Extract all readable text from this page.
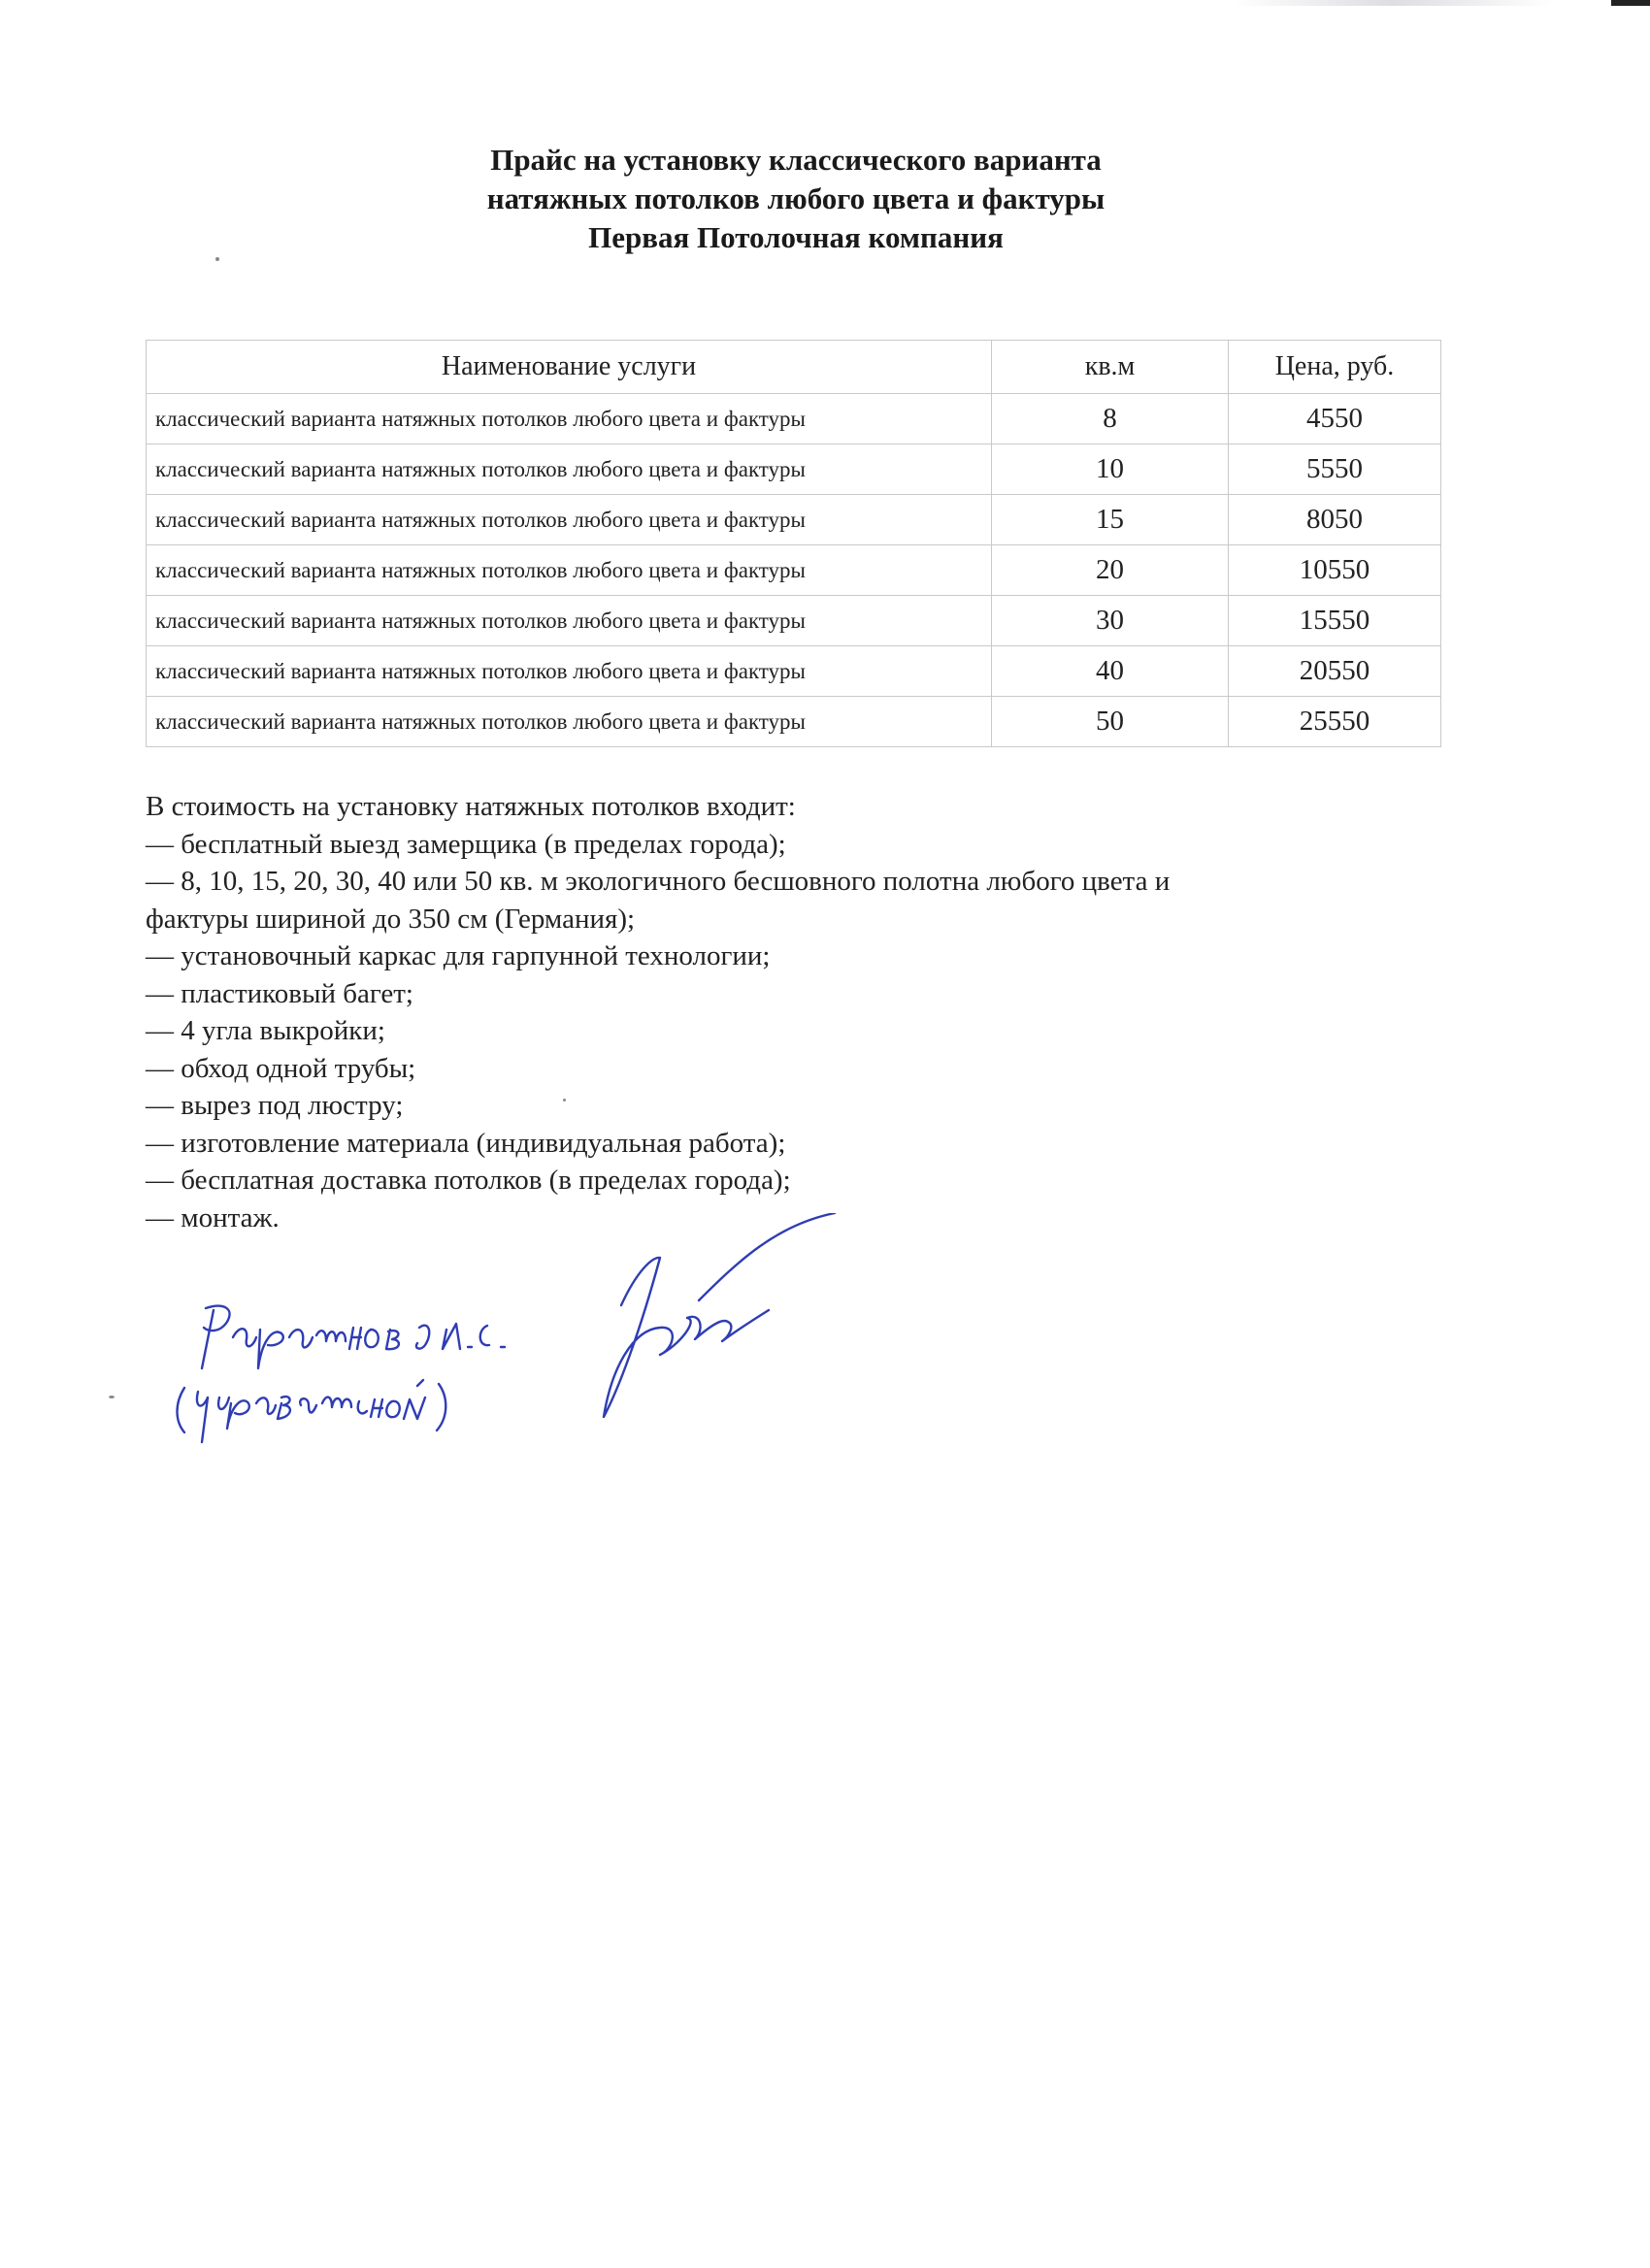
Прайс на установку классического варианта
натяжных потолков любого цвета и фактуры
Первая Потолочная компания
Наименование услуги	кв.м	Цена, руб.
классический варианта натяжных потолков любого цвета и фактуры	8	4550
классический варианта натяжных потолков любого цвета и фактуры	10	5550
классический варианта натяжных потолков любого цвета и фактуры	15	8050
классический варианта натяжных потолков любого цвета и фактуры	20	10550
классический варианта натяжных потолков любого цвета и фактуры	30	15550
классический варианта натяжных потолков любого цвета и фактуры	40	20550
классический варианта натяжных потолков любого цвета и фактуры	50	25550
В стоимость на установку натяжных потолков входит:
— бесплатный выезд замерщика (в пределах города);
— 8, 10, 15, 20, 30, 40 или 50 кв. м экологичного бесшовного полотна любого цвета и
фактуры шириной до 350 см (Германия);
— установочный каркас для гарпунной технологии;
— пластиковый багет;
— 4 угла выкройки;
— обход одной трубы;
— вырез под люстру;
— изготовление материала (индивидуальная работа);
— бесплатная доставка потолков (в пределах города);
— монтаж.
